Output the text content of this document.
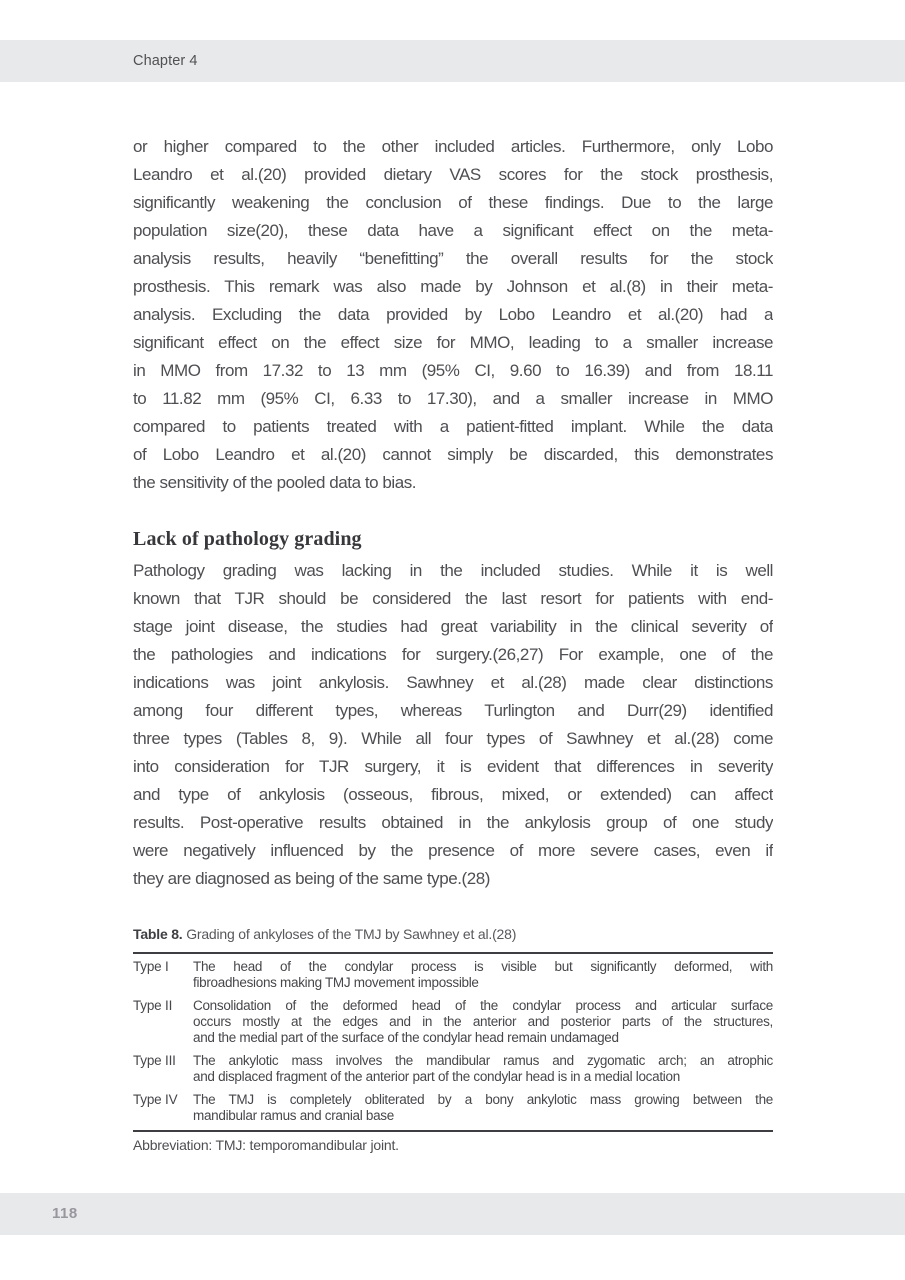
Chapter 4

or higher compared to the other included articles. Furthermore, only Lobo
Leandro et al.(20) provided dietary VAS scores for the stock prosthesis,
significantly weakening the conclusion of these findings. Due to the large
population size(20), these data have a significant effect on the meta-
analysis results, heavily “benefitting” the overall results for the stock
prosthesis. This remark was also made by Johnson et al.(8) in their meta-
analysis. Excluding the data provided by Lobo Leandro et al.(20) had a
significant effect on the effect size for MMO, leading to a smaller increase
in MMO from 17.32 to 13 mm (95% CI, 9.60 to 16.39) and from 18.11
to 11.82 mm (95% CI, 6.33 to 17.30), and a smaller increase in MMO
compared to patients treated with a patient-fitted implant. While the data
of Lobo Leandro et al.(20) cannot simply be discarded, this demonstrates
the sensitivity of the pooled data to bias.

Lack of pathology grading

Pathology grading was lacking in the included studies. While it is well
known that TJR should be considered the last resort for patients with end-
stage joint disease, the studies had great variability in the clinical severity of
the pathologies and indications for surgery.(26,27) For example, one of the
indications was joint ankylosis. Sawhney et al.(28) made clear distinctions
among four different types, whereas Turlington and Durr(29) identified
three types (Tables 8, 9). While all four types of Sawhney et al.(28) come
into consideration for TJR surgery, it is evident that differences in severity
and type of ankylosis (osseous, fibrous, mixed, or extended) can affect
results. Post-operative results obtained in the ankylosis group of one study
were negatively influenced by the presence of more severe cases, even if
they are diagnosed as being of the same type.(28)

Table 8. Grading of ankyloses of the TMJ by Sawhney et al.(28)
Type I	The head of the condylar process is visible but significantly deformed, with
fibroadhesions making TMJ movement impossible
Type II	Consolidation of the deformed head of the condylar process and articular surface
occurs mostly at the edges and in the anterior and posterior parts of the structures,
and the medial part of the surface of the condylar head remain undamaged
Type III	The ankylotic mass involves the mandibular ramus and zygomatic arch; an atrophic
and displaced fragment of the anterior part of the condylar head is in a medial location
Type IV	The TMJ is completely obliterated by a bony ankylotic mass growing between the
mandibular ramus and cranial base
Abbreviation: TMJ: temporomandibular joint.
118
